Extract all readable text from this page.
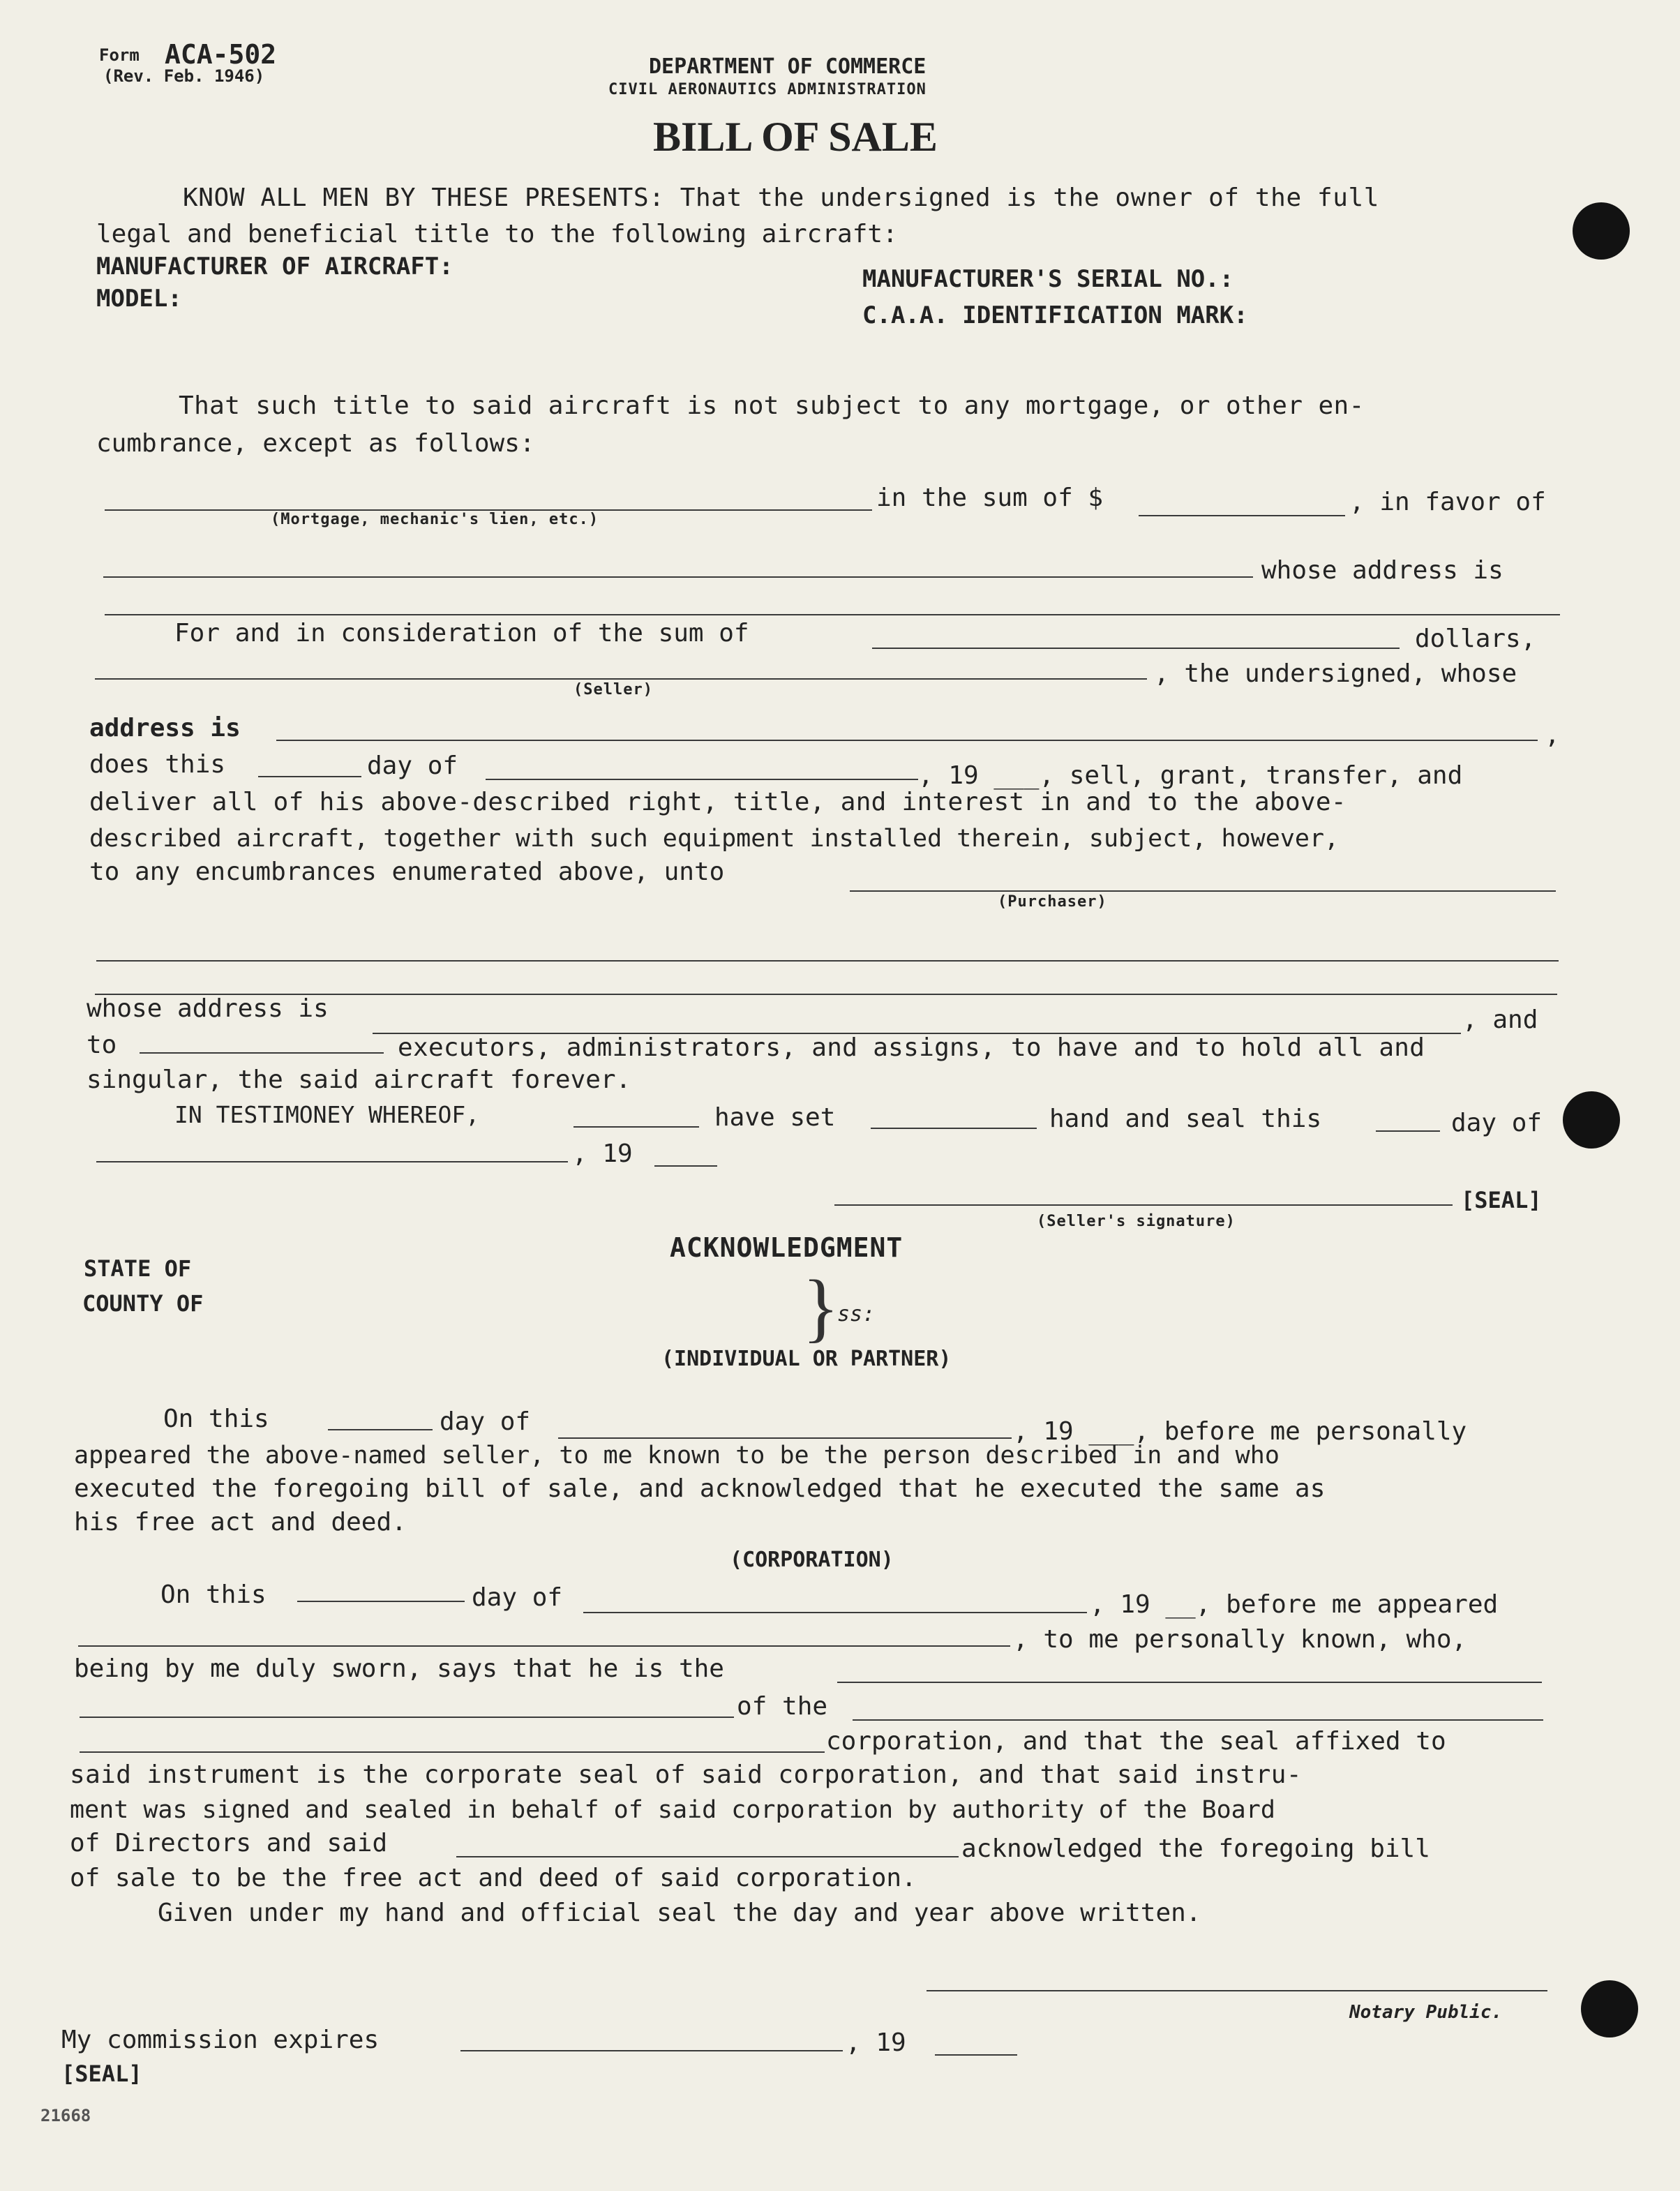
Form ACA-502
(Rev. Feb. 1946)	DEPARTMENT OF COMMERCE
CIVIL AERONAUTICS ADMINISTRATION
BILL OF SALE
KNOW ALL MEN BY THESE PRESENTS: That the undersigned is the owner of the full
legal and beneficial title to the following aircraft:
MANUFACTURER OF AIRCRAFT:
MODEL:
MANUFACTURER'S SERIAL NO.:
C.A.A. IDENTIFICATION MARK:
That such title to said aircraft is not subject to any mortgage, or other en-
cumbrance, except as follows:
in the sum of $	, in favor of
(Mortgage, mechanic's lien, etc.)
whose address is
For and in consideration of the sum of	dollars,
, the undersigned, whose
(Seller)
address is	,
does this	day of	, 19 ___, sell, grant, transfer, and
deliver all of his above-described right, title, and interest in and to the above-
described aircraft, together with such equipment installed therein, subject, however,
to any encumbrances enumerated above, unto
(Purchaser)
whose address is	, and
to	executors, administrators, and assigns, to have and to hold all and
singular, the said aircraft forever.
IN TESTIMONEY WHEREOF,	have set	hand and seal this	day of
, 19
[SEAL]
(Seller's signature)
ACKNOWLEDGMENT
STATE OF
COUNTY OF	}
ss:
(INDIVIDUAL OR PARTNER)
On this	day of	, 19 ___, before me personally
appeared the above-named seller, to me known to be the person described in and who
executed the foregoing bill of sale, and acknowledged that he executed the same as
his free act and deed.
(CORPORATION)
On this	day of	, 19 __, before me appeared
, to me personally known, who,
being by me duly sworn, says that he is the
of the
corporation, and that the seal affixed to
said instrument is the corporate seal of said corporation, and that said instru-
ment was signed and sealed in behalf of said corporation by authority of the Board
of Directors and said	acknowledged the foregoing bill
of sale to be the free act and deed of said corporation.
Given under my hand and official seal the day and year above written.
Notary Public.
My commission expires	, 19
[SEAL]
21668
